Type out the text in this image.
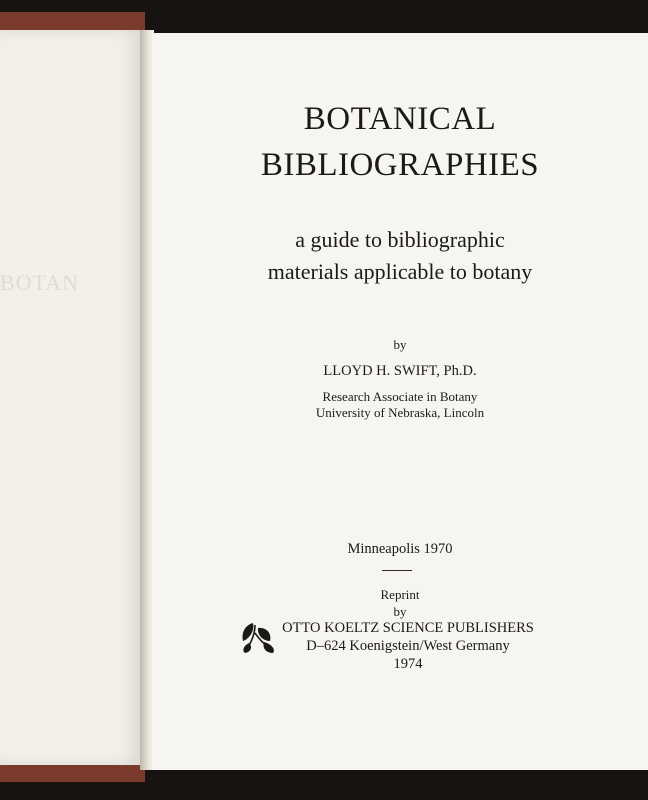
BOTAN
BOTANICAL
BIBLIOGRAPHIES
a guide to bibliographic
materials applicable to botany
by
LLOYD H. SWIFT, Ph.D.
Research Associate in Botany
University of Nebraska, Lincoln
Minneapolis 1970
Reprint
by
OTTO KOELTZ SCIENCE PUBLISHERS
D–624 Koenigstein/West Germany
1974
